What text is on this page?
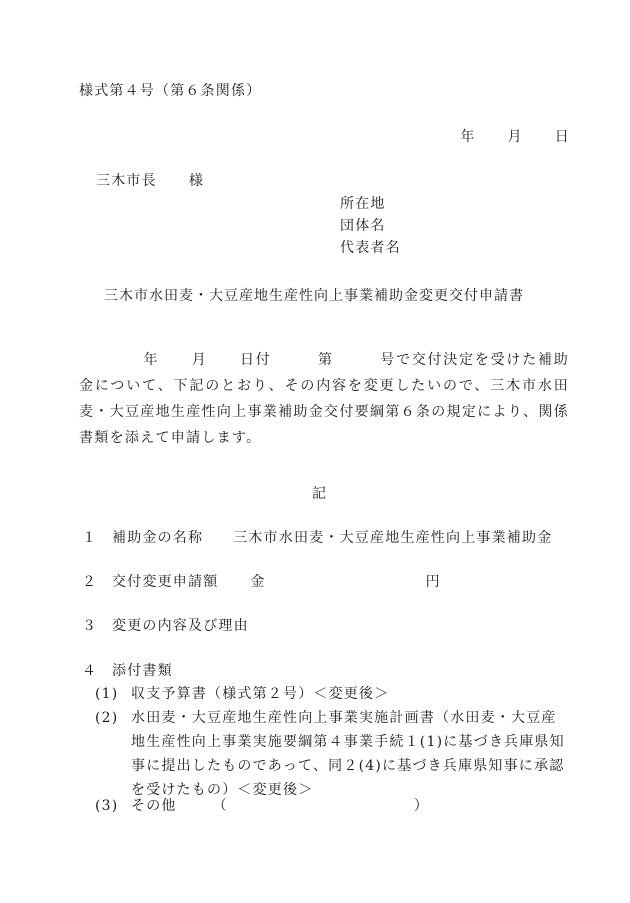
様式第４号（第６条関係）
年 月 日
三木市長 様
所在地
団体名
代表者名
三木市水田麦・大豆産地生産性向上事業補助金変更交付申請書
年 月 日付	第	号で交付決定を受けた補助金について、下記のとおり、その内容を変更したいので、三木市水田麦・大豆産地生産性向上事業補助金交付要綱第６条の規定により、関係書類を添えて申請します。
記
１ 補助金の名称 三木市水田麦・大豆産地生産性向上事業補助金
２ 交付変更申請額 金	円
３ 変更の内容及び理由
４ 添付書類
(1) 収支予算書（様式第２号）＜変更後＞
(2) 水田麦・大豆産地生産性向上事業実施計画書（水田麦・大豆産
地生産性向上事業実施要綱第４事業手続１(1)に基づき兵庫県知事に提出したものであって、同２(4)に基づき兵庫県知事に承認を受けたもの）＜変更後＞
(3) その他	（	）
